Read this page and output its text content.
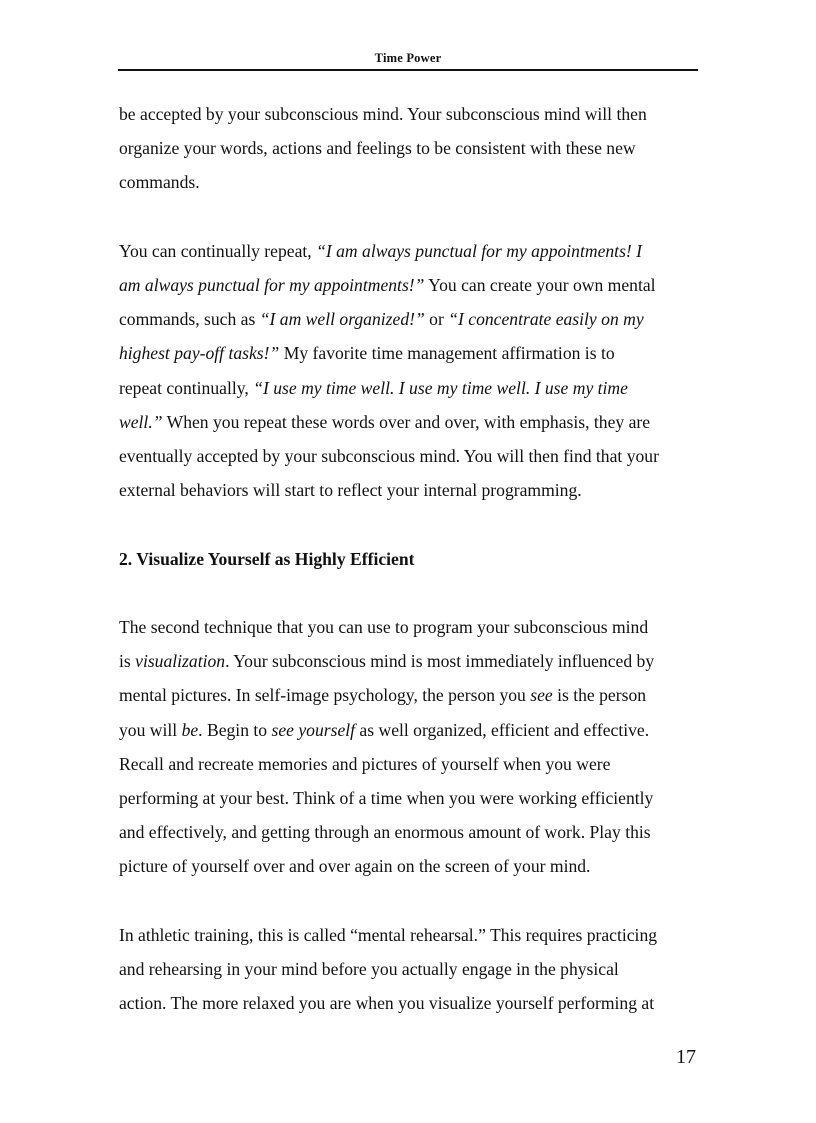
Time Power

be accepted by your subconscious mind. Your subconscious mind will then
organize your words, actions and feelings to be consistent with these new
commands.

You can continually repeat, “I am always punctual for my appointments! I
am always punctual for my appointments!” You can create your own mental
commands, such as “I am well organized!” or “I concentrate easily on my
highest pay-off tasks!” My favorite time management affirmation is to
repeat continually, “I use my time well. I use my time well. I use my time
well.” When you repeat these words over and over, with emphasis, they are
eventually accepted by your subconscious mind. You will then find that your
external behaviors will start to reflect your internal programming.

2. Visualize Yourself as Highly Efficient

The second technique that you can use to program your subconscious mind
is visualization. Your subconscious mind is most immediately influenced by
mental pictures. In self-image psychology, the person you see is the person
you will be. Begin to see yourself as well organized, efficient and effective.
Recall and recreate memories and pictures of yourself when you were
performing at your best. Think of a time when you were working efficiently
and effectively, and getting through an enormous amount of work. Play this
picture of yourself over and over again on the screen of your mind.

In athletic training, this is called “mental rehearsal.” This requires practicing
and rehearsing in your mind before you actually engage in the physical
action. The more relaxed you are when you visualize yourself performing at

17
